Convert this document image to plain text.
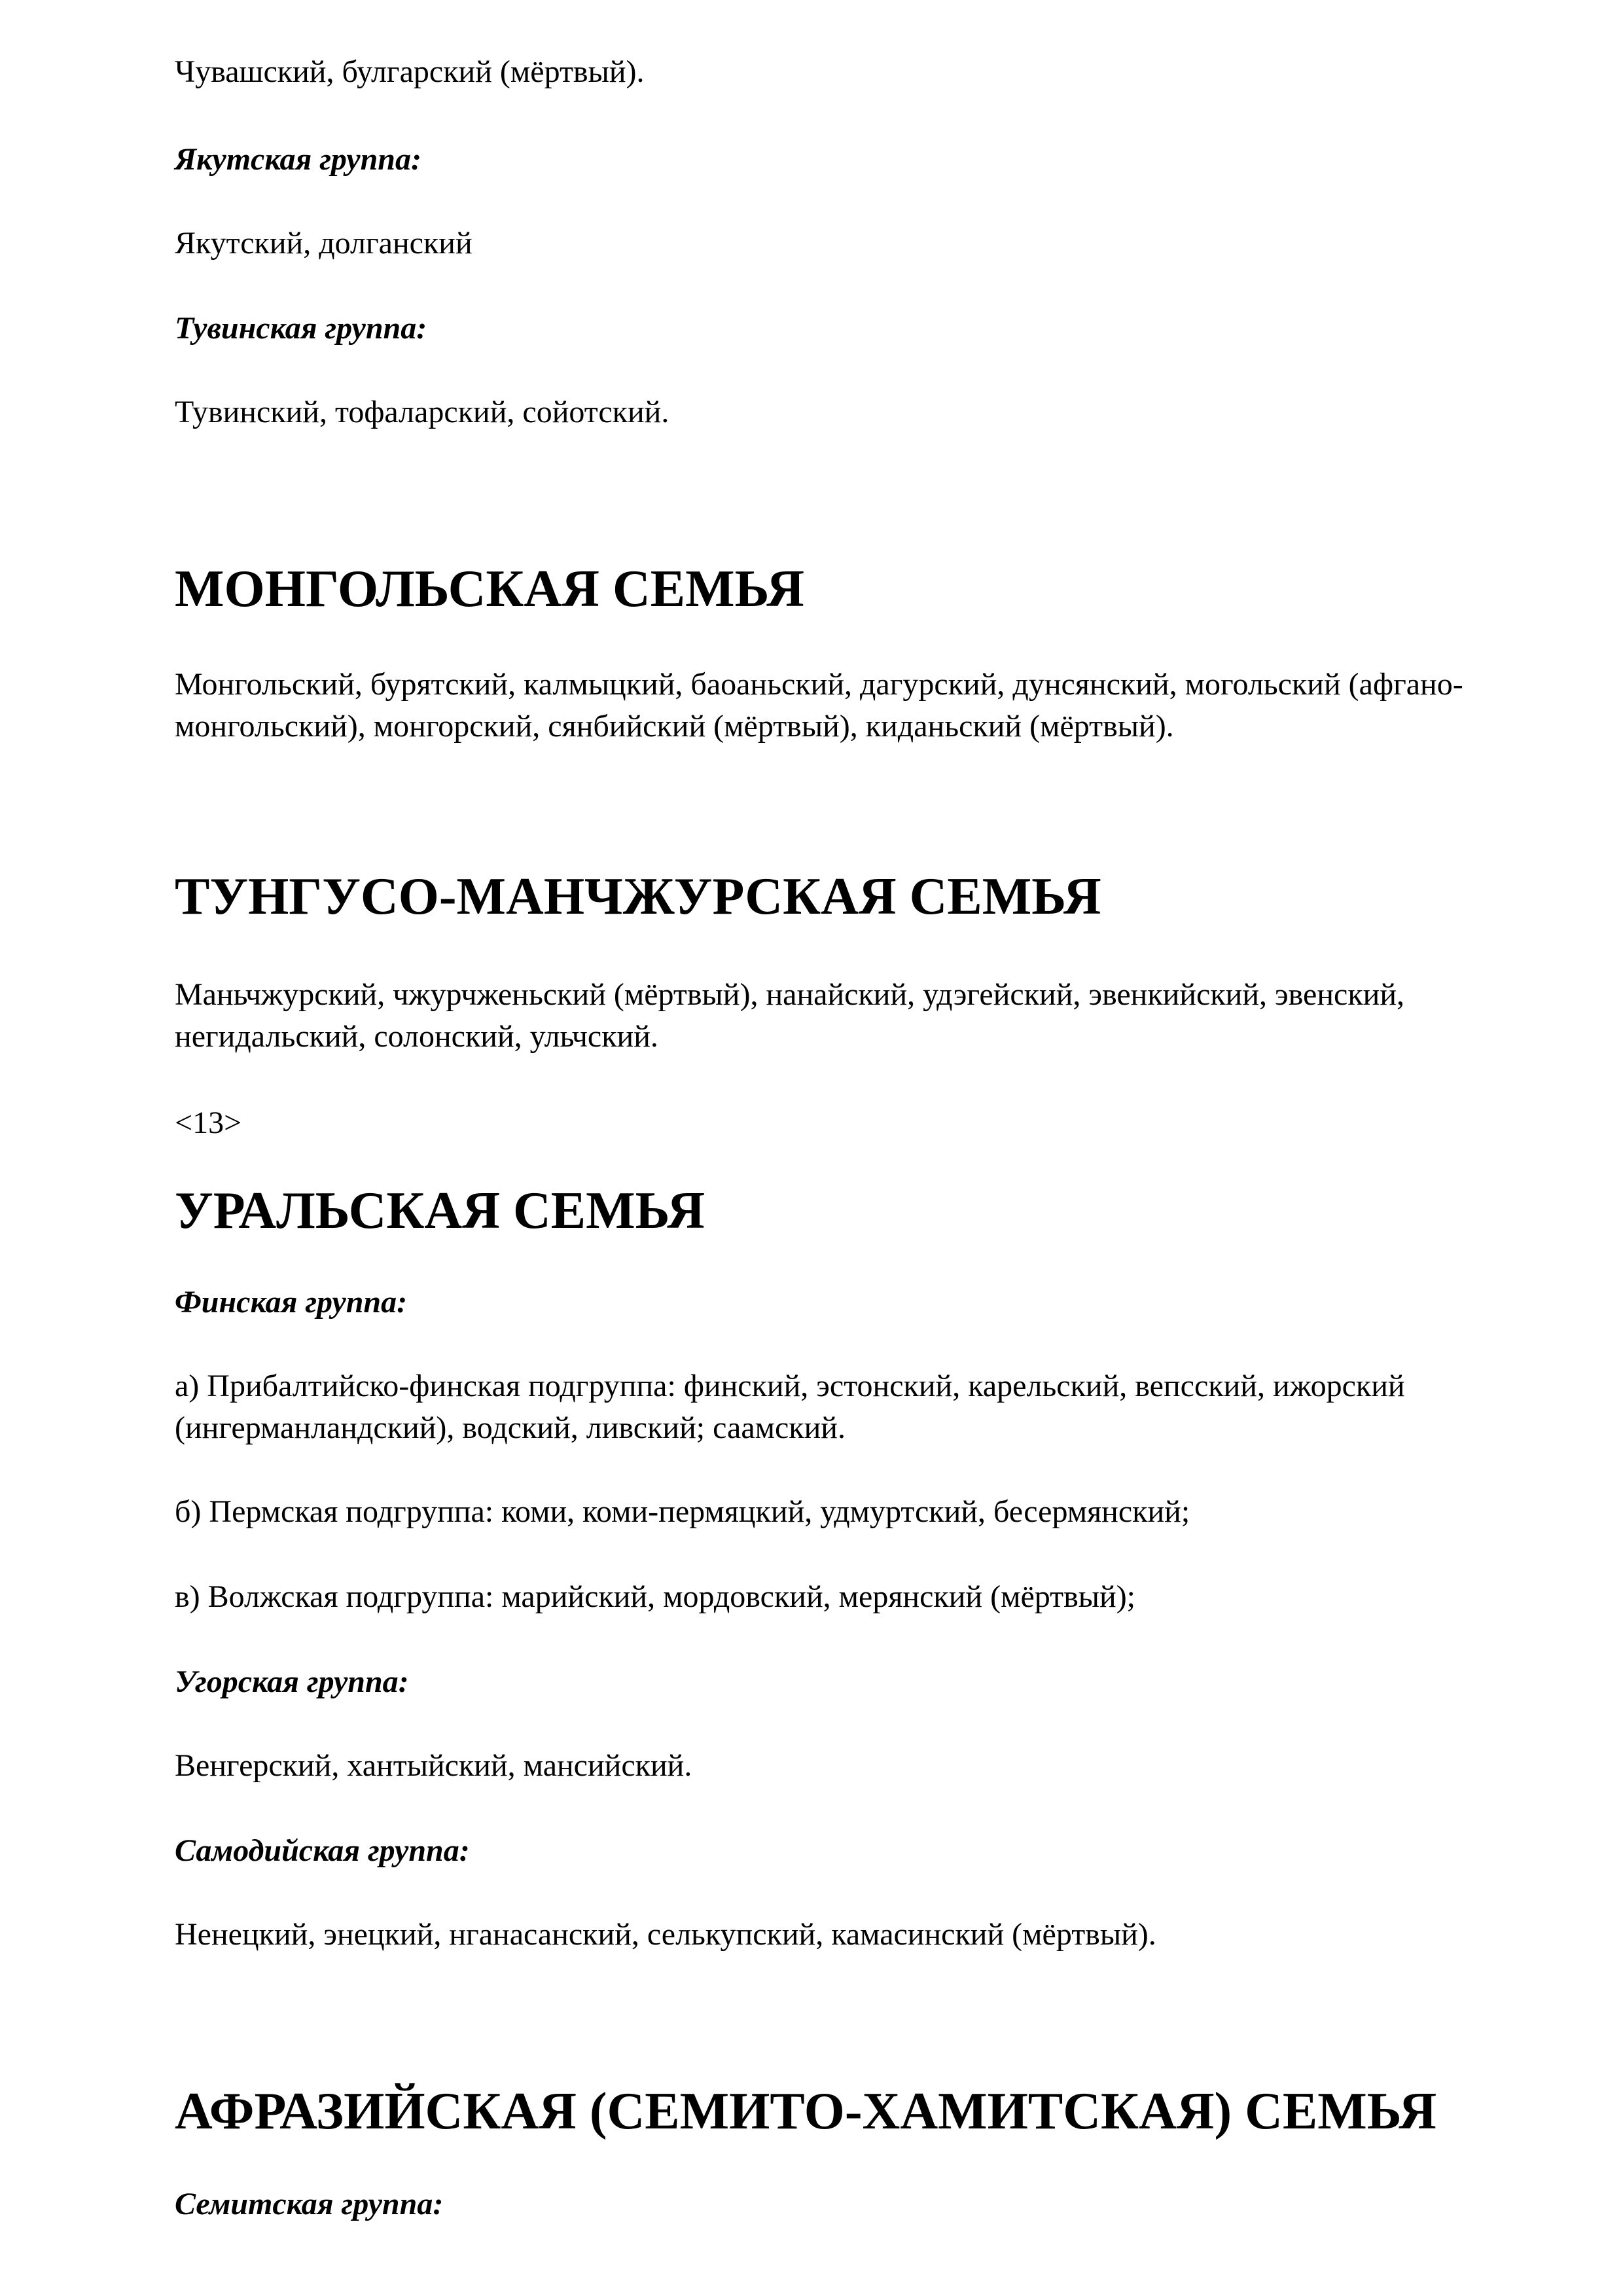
Чувашский, булгарский (мёртвый).

Якутская группа:

Якутский, долганский

Тувинская группа:

Тувинский, тофаларский, сойотский.

МОНГОЛЬСКАЯ СЕМЬЯ

Монгольский, бурятский, калмыцкий, баоаньский, дагурский, дунсянский, могольский (афгано-монгольский), монгорский, сянбийский (мёртвый), киданьский (мёртвый).

ТУНГУСО-МАНЧЖУРСКАЯ СЕМЬЯ

Маньчжурский, чжурчженьский (мёртвый), нанайский, удэгейский, эвенкийский, эвенский, негидальский, солонский, ульчский.

<13>

УРАЛЬСКАЯ СЕМЬЯ

Финская группа:

а) Прибалтийско-финская подгруппа: финский, эстонский, карельский, вепсский, ижорский (ингерманландский), водский, ливский; саамский.

б) Пермская подгруппа: коми, коми-пермяцкий, удмуртский, бесермянский;

в) Волжская подгруппа: марийский, мордовский, мерянский (мёртвый);

Угорская группа:

Венгерский, хантыйский, мансийский.

Самодийская группа:

Ненецкий, энецкий, нганасанский, селькупский, камасинский (мёртвый).

АФРАЗИЙСКАЯ (СЕМИТО-ХАМИТСКАЯ) СЕМЬЯ

Семитская группа:
